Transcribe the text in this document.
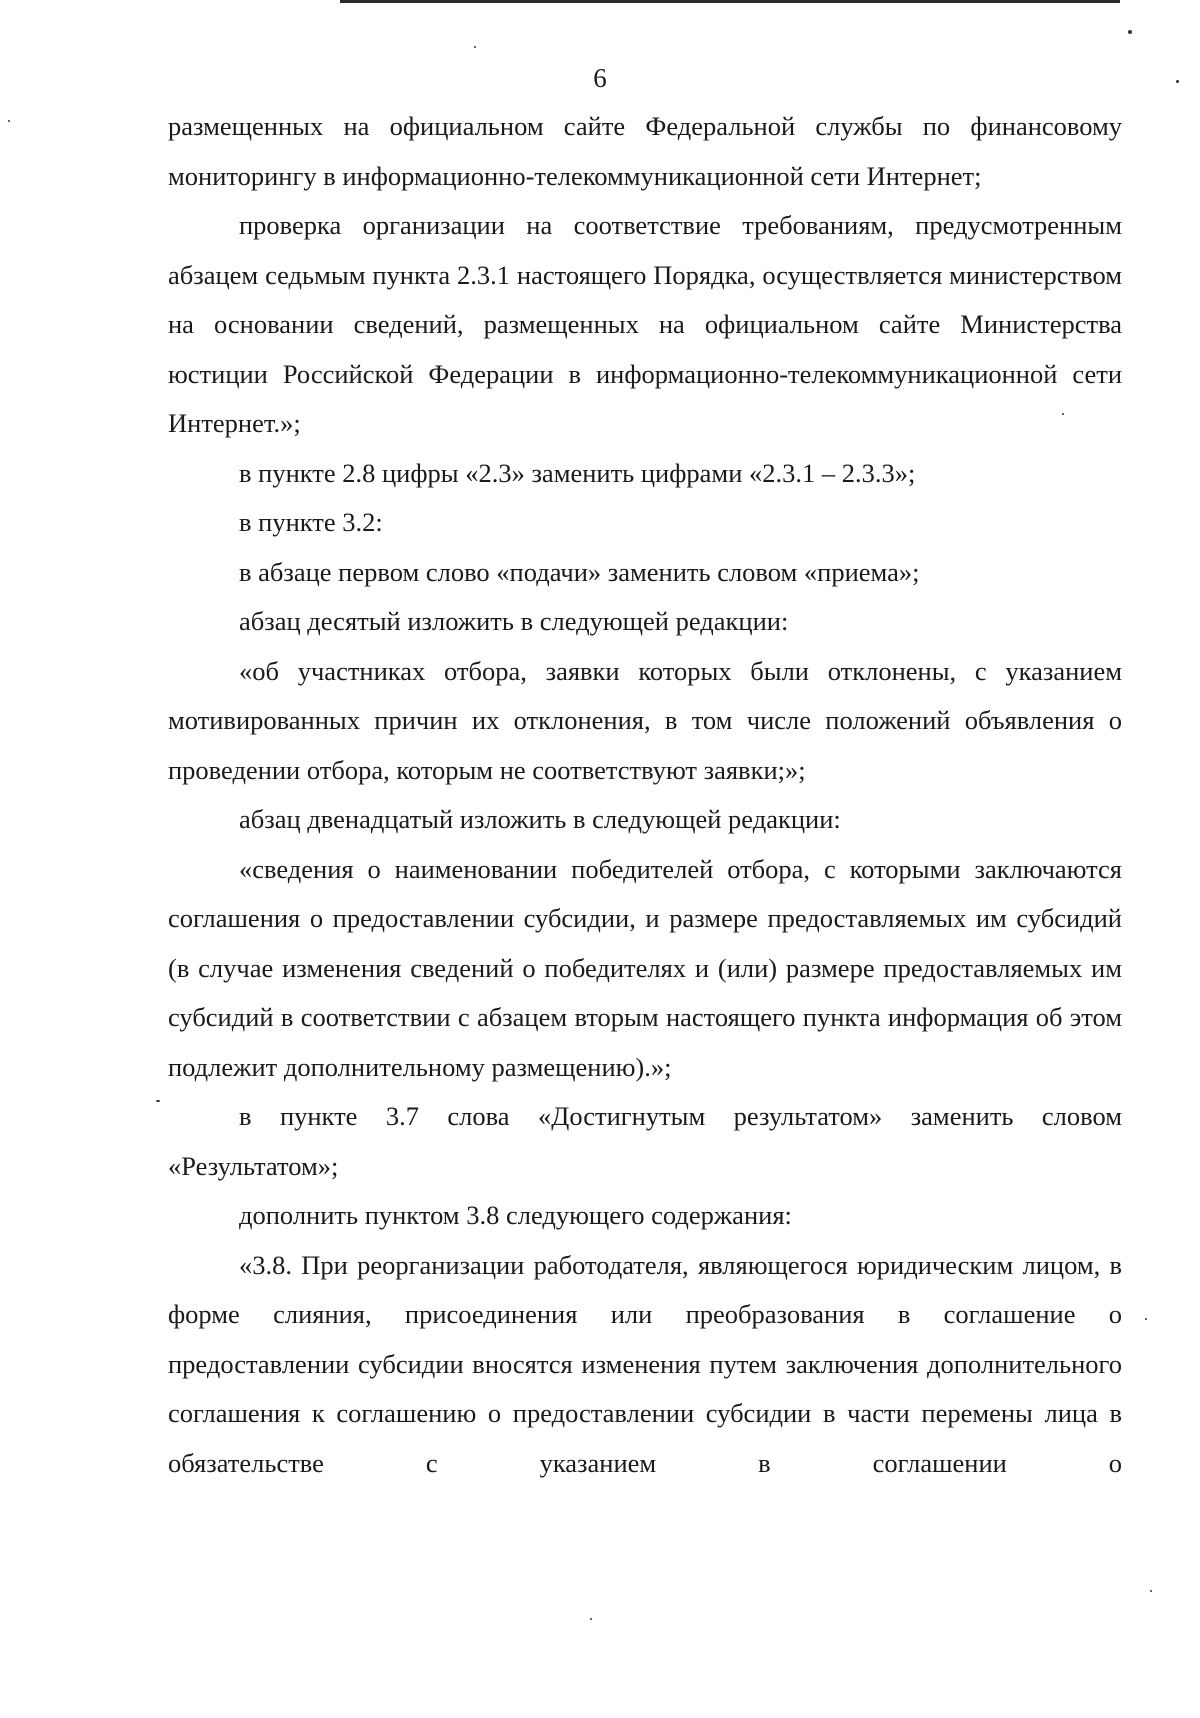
6

размещенных на официальном сайте Федеральной службы по финансовому мониторингу в информационно-телекоммуникационной сети Интернет;

проверка организации на соответствие требованиям, предусмотренным абзацем седьмым пункта 2.3.1 настоящего Порядка, осуществляется министерством на основании сведений, размещенных на официальном сайте Министерства юстиции Российской Федерации в информационно-телекоммуникационной сети Интернет.»;

в пункте 2.8 цифры «2.3» заменить цифрами «2.3.1 – 2.3.3»;

в пункте 3.2:

в абзаце первом слово «подачи» заменить словом «приема»;

абзац десятый изложить в следующей редакции:

«об участниках отбора, заявки которых были отклонены, с указанием мотивированных причин их отклонения, в том числе положений объявления о проведении отбора, которым не соответствуют заявки;»;

абзац двенадцатый изложить в следующей редакции:

«сведения о наименовании победителей отбора, с которыми заключаются соглашения о предоставлении субсидии, и размере предоставляемых им субсидий (в случае изменения сведений о победителях и (или) размере предоставляемых им субсидий в соответствии с абзацем вторым настоящего пункта информация об этом подлежит дополнительному размещению).»;

в пункте 3.7 слова «Достигнутым результатом» заменить словом «Результатом»;

дополнить пунктом 3.8 следующего содержания:

«3.8. При реорганизации работодателя, являющегося юридическим лицом, в форме слияния, присоединения или преобразования в соглашение о предоставлении субсидии вносятся изменения путем заключения дополнительного соглашения к соглашению о предоставлении субсидии в части перемены лица в обязательстве с указанием в соглашении о
